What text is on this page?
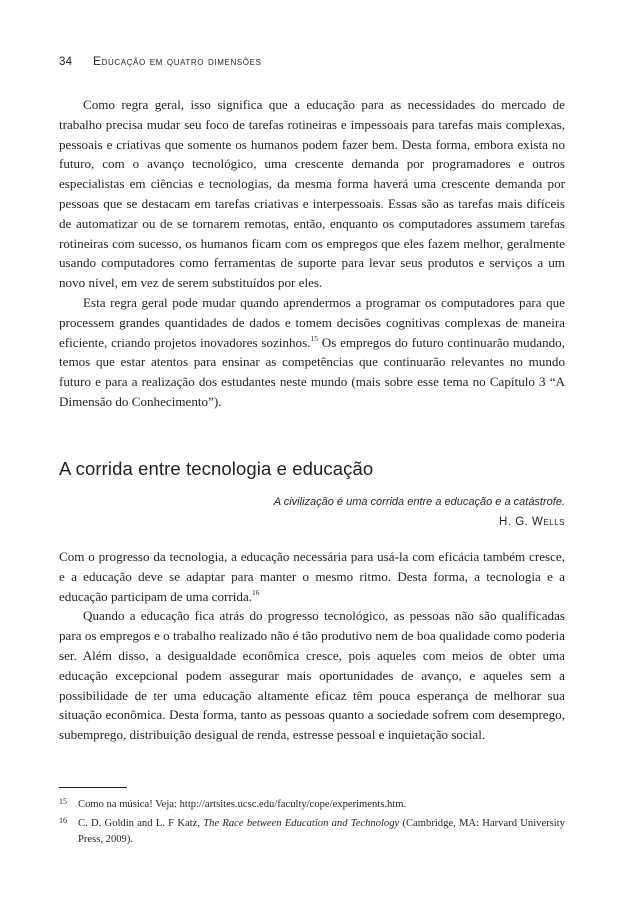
34 Educação em quatro dimensões

Como regra geral, isso significa que a educação para as necessidades do mercado de trabalho precisa mudar seu foco de tarefas rotineiras e impessoais para tarefas mais complexas, pessoais e criativas que somente os humanos podem fazer bem. Desta forma, embora exista no futuro, com o avanço tecnológico, uma crescente demanda por programadores e outros especialistas em ciências e tecnologias, da mesma forma haverá uma crescente demanda por pessoas que se destacam em tarefas criativas e interpessoais. Essas são as tarefas mais difíceis de automatizar ou de se tornarem remotas, então, enquanto os computadores assumem tarefas rotineiras com sucesso, os humanos ficam com os empregos que eles fazem melhor, geralmente usando computadores como ferramentas de suporte para levar seus produtos e serviços a um novo nível, em vez de serem substituídos por eles.

Esta regra geral pode mudar quando aprendermos a programar os computadores para que processem grandes quantidades de dados e tomem decisões cognitivas complexas de maneira eficiente, criando projetos inovadores sozinhos.$^{15}$ Os empregos do futuro continuarão mudando, temos que estar atentos para ensinar as competências que continuarão relevantes no mundo futuro e para a realização dos estudantes neste mundo (mais sobre esse tema no Capítulo 3 “A Dimensão do Conhecimento”).

A corrida entre tecnologia e educação
A civilização é uma corrida entre a educação e a catástrofe.
H. G. Wells

Com o progresso da tecnologia, a educação necessária para usá-la com eficácia também cresce, e a educação deve se adaptar para manter o mesmo ritmo. Desta forma, a tecnologia e a educação participam de uma corrida.$^{16}$

Quando a educação fica atrás do progresso tecnológico, as pessoas não são qualificadas para os empregos e o trabalho realizado não é tão produtivo nem de boa qualidade como poderia ser. Além disso, a desigualdade econômica cresce, pois aqueles com meios de obter uma educação excepcional podem assegurar mais oportunidades de avanço, e aqueles sem a possibilidade de ter uma educação altamente eficaz têm pouca esperança de melhorar sua situação econômica. Desta forma, tanto as pessoas quanto a sociedade sofrem com desemprego, subemprego, distribuição desigual de renda, estresse pessoal e inquietação social.

15 Como na música! Veja: http://artsites.ucsc.edu/faculty/cope/experiments.htm.
16 C. D. Goldin and L. F Katz, The Race between Education and Technology (Cambridge, MA: Harvard University Press, 2009).
